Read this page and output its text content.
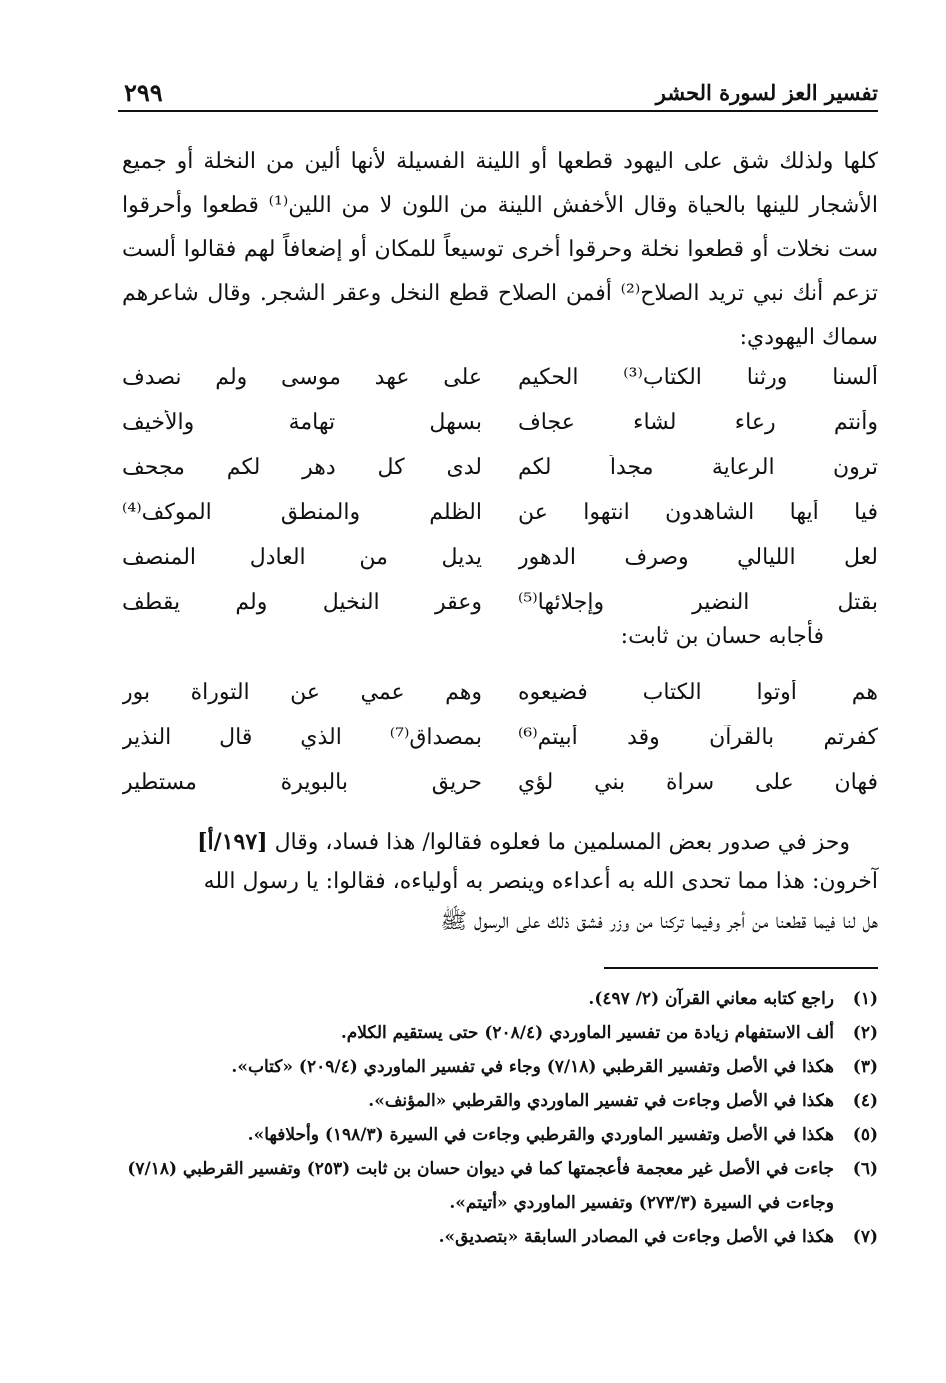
تفسير العز لسورة الحشر
٢٩٩

كلها ولذلك شق على اليهود قطعها أو اللينة الفسيلة لأنها ألين من النخلة أو جميع الأشجار للينها بالحياة وقال الأخفش اللينة من اللون لا من اللين⁽¹⁾ قطعوا وأحرقوا ست نخلات أو قطعوا نخلة وحرقوا أخرى توسيعاً للمكان أو إضعافاً لهم فقالوا ألست تزعم أنك نبي تريد الصلاح⁽²⁾ أفمن الصلاح قطع النخل وعقر الشجر. وقال شاعرهم سماك اليهودي:

ألسنا ورثنا الكتاب⁽³⁾ الحكيم
على عهد موسى ولم نصدف
وأنتم رعاء لشاء عجاف
بسهل تهامة والأخيف
ترون الرعاية مجداً لكم
لدى كل دهر لكم مجحف
فيا أيها الشاهدون انتهوا عن
الظلم والمنطق الموكف⁽⁴⁾
لعل الليالي وصرف الدهور
يديل من العادل المنصف
بقتل النضير وإجلائها⁽⁵⁾
وعقر النخيل ولم يقطف
فأجابه حسان بن ثابت:
هم أوتوا الكتاب فضيعوه
وهم عمي عن التوراة بور
كفرتم بالقرآن وقد أبيتم⁽⁶⁾
بمصداق⁽⁷⁾ الذي قال النذير
فهان على سراة بني لؤي
حريق بالبويرة مستطير
وحز في صدور بعض المسلمين ما فعلوه فقالوا/ هذا فساد، وقال [١٩٧/أ]
آخرون: هذا مما تحدى الله به أعداءه وينصر به أولياءه، فقالوا: يا رسول الله
هل لنا فيما قطعنا من أجر وفيما تركنا من وزر فشق ذلك على الرسول ﷺ
(١)
راجع كتابه معاني القرآن (٢/ ٤٩٧).
(٢)
ألف الاستفهام زيادة من تفسير الماوردي (٢٠٨/٤) حتى يستقيم الكلام.
(٣)
هكذا في الأصل وتفسير القرطبي (٧/١٨) وجاء في تفسير الماوردي (٢٠٩/٤) «كتاب».
(٤)
هكذا في الأصل وجاءت في تفسير الماوردي والقرطبي «المؤنف».
(٥)
هكذا في الأصل وتفسير الماوردي والقرطبي وجاءت في السيرة (١٩٨/٣) وأحلافها».
(٦)
جاءت في الأصل غير معجمة فأعجمتها كما في ديوان حسان بن ثابت (٢٥٣) وتفسير القرطبي (٧/١٨) وجاءت في السيرة (٢٧٣/٣) وتفسير الماوردي «أتيتم».
(٧)
هكذا في الأصل وجاءت في المصادر السابقة «بتصديق».
